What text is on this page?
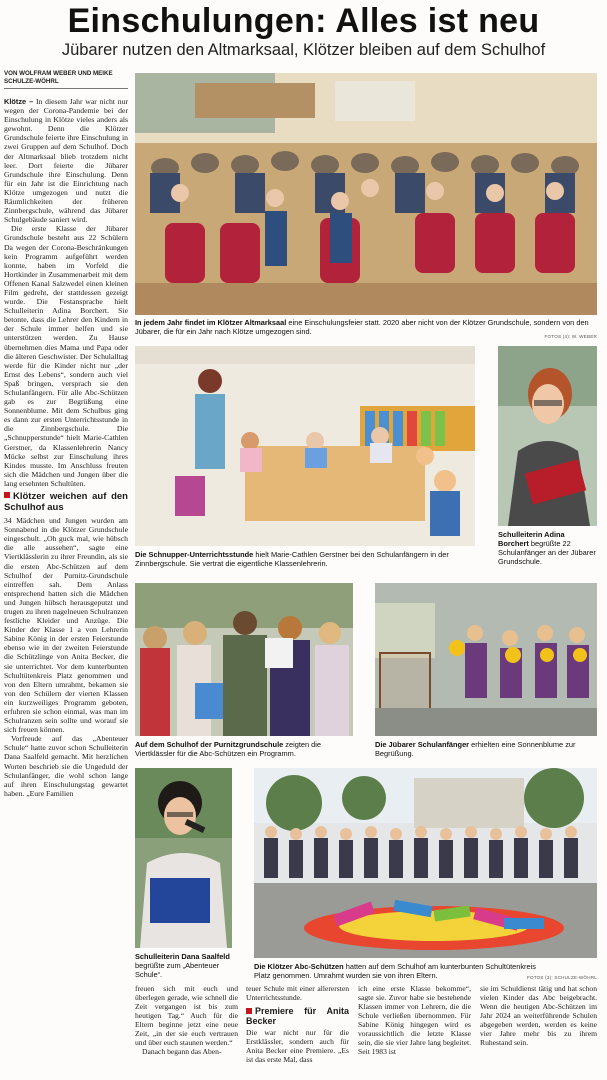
Einschulungen: Alles ist neu
Jübarer nutzen den Altmarksaal, Klötzer bleiben auf dem Schulhof
VON WOLFRAM WEBER UND MEIKE SCHULZE-WÖHRL

Klötze – In diesem Jahr war nicht nur wegen der Corona-Pandemie bei der Einschulung in Klötze vieles anders als gewohnt. Denn die Klötzer Grundschule feierte ihre Einschulung in zwei Gruppen auf dem Schulhof. Doch der Altmarksaal blieb trotzdem nicht leer. Dort feierte die Jübarer Grundschule ihre Einschulung. Denn für ein Jahr ist die Einrichtung nach Klötze umgezogen und nutzt die Räumlichkeiten der früheren Zinnbergschule, während das Jübarer Schulgebäude saniert wird.

Die erste Klasse der Jübarer Grundschule besteht aus 22 Schülern Da wegen der Corona-Beschränkungen kein Programm aufgeführt werden konnte, haben im Vorfeld die Hortkinder in Zusammenarbeit mit dem Offenen Kanal Salzwedel einen kleinen Film gedreht, der stattdessen gezeigt wurde. Die Festansprache hielt Schulleiterin Adina Borchert. Sie betonte, dass die Lehrer den Kindern in der Schule immer helfen und sie unterstützen werden. Zu Hause übernehmen dies Mama und Papa oder die älteren Geschwister. Der Schulalltag werde für die Kinder nicht nur „der Ernst des Lebens“, sondern auch viel Spaß bringen, versprach sie den Schulanfängern. Für alle Abc-Schützen gab es zur Begrüßung eine Sonnenblume. Mit dem Schulbus ging es dann zur ersten Unterrichtsstunde in die Zinnbergschule. Die „Schnupperstunde“ hielt Marie-Cathlen Gerstner, da Klassenlehrerin Nancy Mücke selbst zur Einschulung ihres Kindes musste. Im Anschluss freuten sich die Mädchen und Jungen über die lang ersehnten Schultüten.

Klötzer weichen auf den Schulhof aus

34 Mädchen und Jungen wurden am Sonnabend in die Klötzer Grundschule eingeschult. „Oh guck mal, wie hübsch die alle aussehen“, sagte eine Viertklässlerin zu ihrer Freundin, als sie die ersten Abc-Schützen auf dem Schulhof der Purnitz-Grundschule eintreffen sah. Dem Anlass entsprechend hatten sich die Mädchen und Jungen hübsch herausgeputzt und trugen zu ihren nagelneuen Schulranzen festliche Kleider und Anzüge. Die Kinder der Klasse 1 a von Lehrerin Sabine König in der ersten Feierstunde ebenso wie in der zweiten Feierstunde die Schützlinge von Anita Becker, die sie unterrichtet. Vor dem kunterbunten Schultütenkreis Platz genommen und von den Eltern umrahmt, bekamen sie von den Schülern der vierten Klassen ein kurzweiliges Programm geboten, erfuhren sie schon einmal, was man im Schulranzen sein sollte und worauf sie sich freuen können.

Vorfreude auf das „Abenteuer Schule“ hatte zuvor schon Schulleiterin Dana Saalfeld gemacht. Mit herzlichen Worten beschrieb sie die Ungeduld der Schulanfänger, die wohl schon lange auf ihren Einschulungstag gewartet haben. „Eure Familien

In jedem Jahr findet im Klötzer Altmarksaal eine Einschulungsfeier statt. 2020 aber nicht von der Klötzer Grundschule, sondern von den Jübarer, die für ein Jahr nach Klötze umgezogen sind.
FOTOS (4): W. WEBER
Die Schnupper-Unterrichtsstunde hielt Marie-Cathlen Gerstner bei den Schulanfängern in der Zinnbergschule. Sie vertrat die eigentliche Klassenlehrerin.
Schulleiterin Adina Borchert begrüßte 22 Schulanfänger an der Jübarer Grundschule.
Auf dem Schulhof der Purnitzgrundschule zeigten die Viertklässler für die Abc-Schützen ein Programm.
Die Jübarer Schulanfänger erhielten eine Sonnenblume zur Begrüßung.
Schulleiterin Dana Saalfeld begrüßte zum „Abenteuer Schule“.
Die Klötzer Abc-Schützen hatten auf dem Schulhof am kunterbunten Schultütenkreis Platz genommen. Umrahmt wurden sie von ihren Eltern.	FOTOS (3): SCHULZE-WÖHRL

freuen sich mit euch und überlegen gerade, wie schnell die Zeit vergangen ist bis zum heutigen Tag.“ Auch für die Eltern beginne jetzt eine neue Zeit, „in der sie euch vertrauen und über euch staunen werden.“

Danach begann das Aben-

teuer Schule mit einer allerersten Unterrichtsstunde.

Premiere für Anita Becker

Die war nicht nur für die Erstklässler, sondern auch für Anita Becker eine Premiere. „Es ist das erste Mal, dass

ich eine erste Klasse bekomme“, sagte sie. Zuvor habe sie bestehende Klassen immer von Lehrern, die die Schule verließen übernommen. Für Sabine König hingegen wird es voraussichtlich die letzte Klasse sein, die sie vier Jahre lang begleitet. Seit 1983 ist

sie im Schuldienst tätig und hat schon vielen Kinder das Abc beigebracht. Wenn die heutigen Abc-Schützen im Jahr 2024 an weiterführende Schulen abgegeben werden, werden es keine vier Jahre mehr bis zu ihrem Ruhestand sein.
